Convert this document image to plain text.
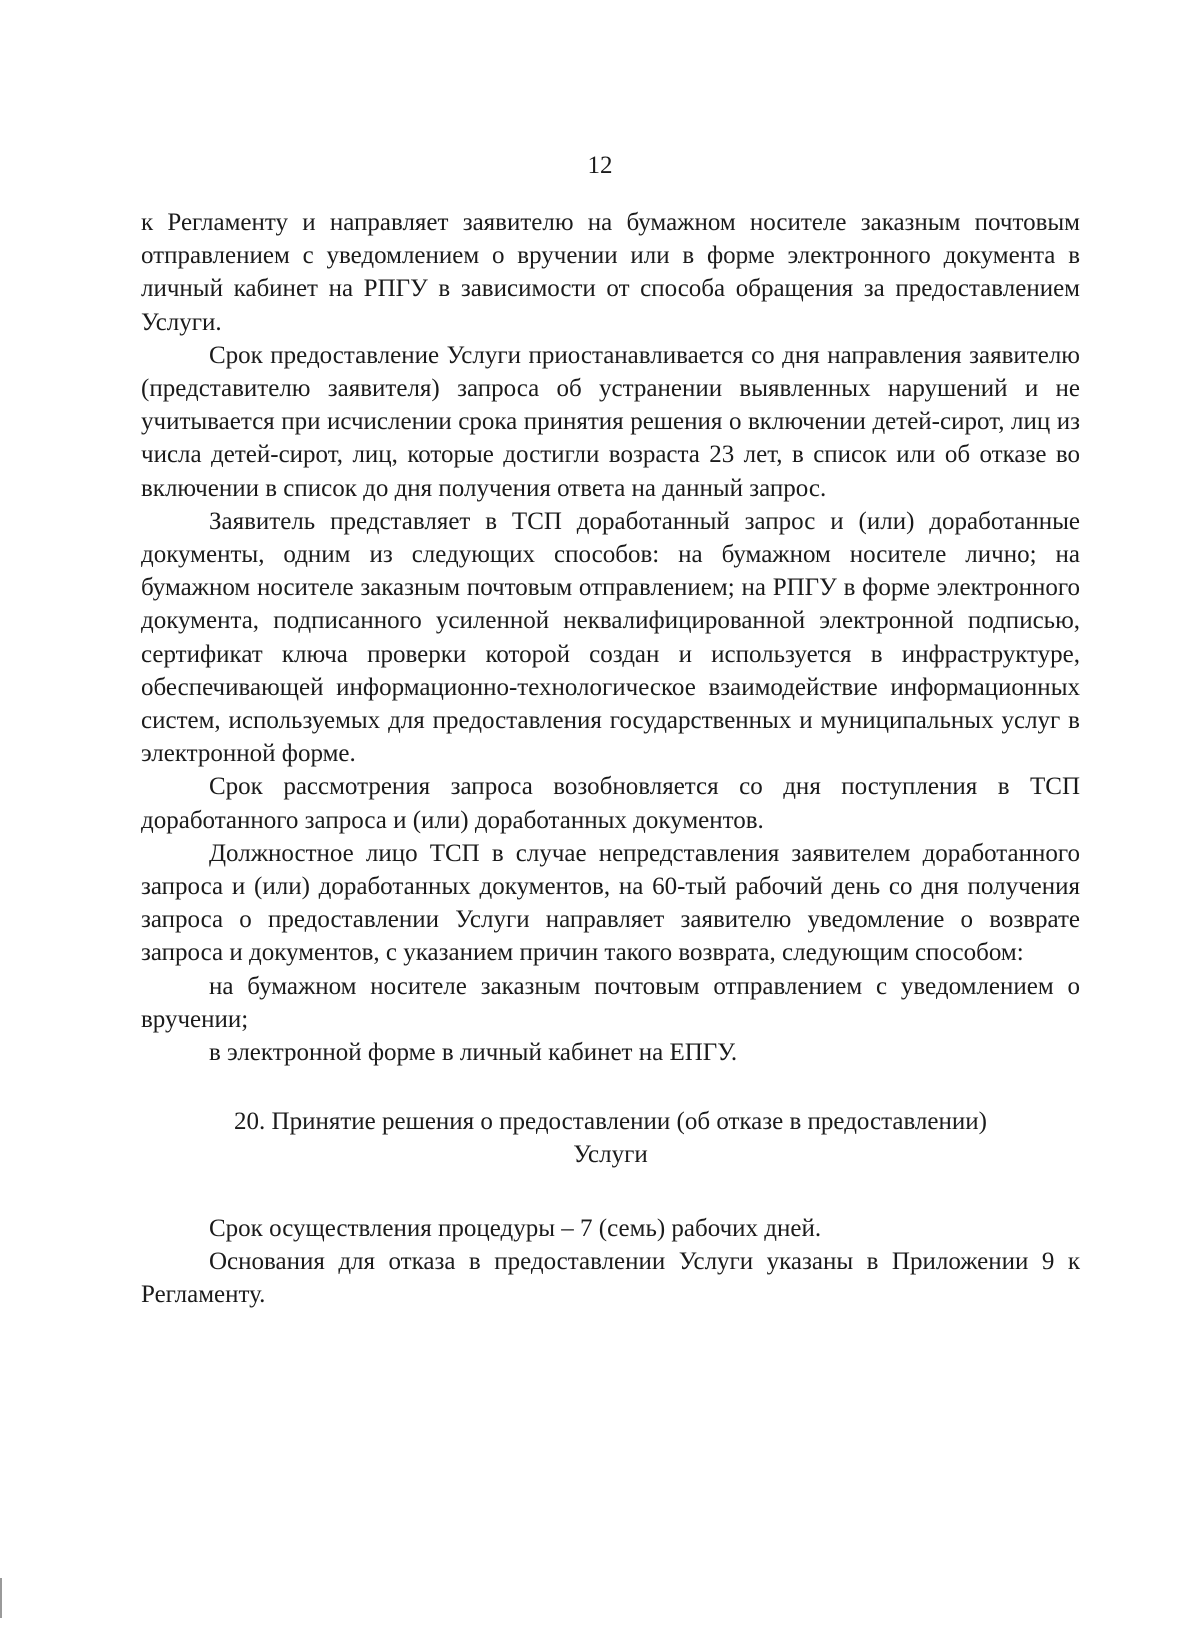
12

к Регламенту и направляет заявителю на бумажном носителе заказным почтовым отправлением с уведомлением о вручении или в форме электронного документа в личный кабинет на РПГУ в зависимости от способа обращения за предоставлением Услуги.

Срок предоставление Услуги приостанавливается со дня направления заявителю (представителю заявителя) запроса об устранении выявленных нарушений и не учитывается при исчислении срока принятия решения о включении детей-сирот, лиц из числа детей-сирот, лиц, которые достигли возраста 23 лет, в список или об отказе во включении в список до дня получения ответа на данный запрос.

Заявитель представляет в ТСП доработанный запрос и (или) доработанные документы, одним из следующих способов: на бумажном носителе лично; на бумажном носителе заказным почтовым отправлением; на РПГУ в форме электронного документа, подписанного усиленной неквалифицированной электронной подписью, сертификат ключа проверки которой создан и используется в инфраструктуре, обеспечивающей информационно-технологическое взаимодействие информационных систем, используемых для предоставления государственных и муниципальных услуг в электронной форме.

Срок рассмотрения запроса возобновляется со дня поступления в ТСП доработанного запроса и (или) доработанных документов.

Должностное лицо ТСП в случае непредставления заявителем доработанного запроса и (или) доработанных документов, на 60-тый рабочий день со дня получения запроса о предоставлении Услуги направляет заявителю уведомление о возврате запроса и документов, с указанием причин такого возврата, следующим способом:

на бумажном носителе заказным почтовым отправлением с уведомлением о вручении;

в электронной форме в личный кабинет на ЕПГУ.

20. Принятие решения о предоставлении (об отказе в предоставлении)
Услуги

Срок осуществления процедуры – 7 (семь) рабочих дней.

Основания для отказа в предоставлении Услуги указаны в Приложении 9 к Регламенту.
